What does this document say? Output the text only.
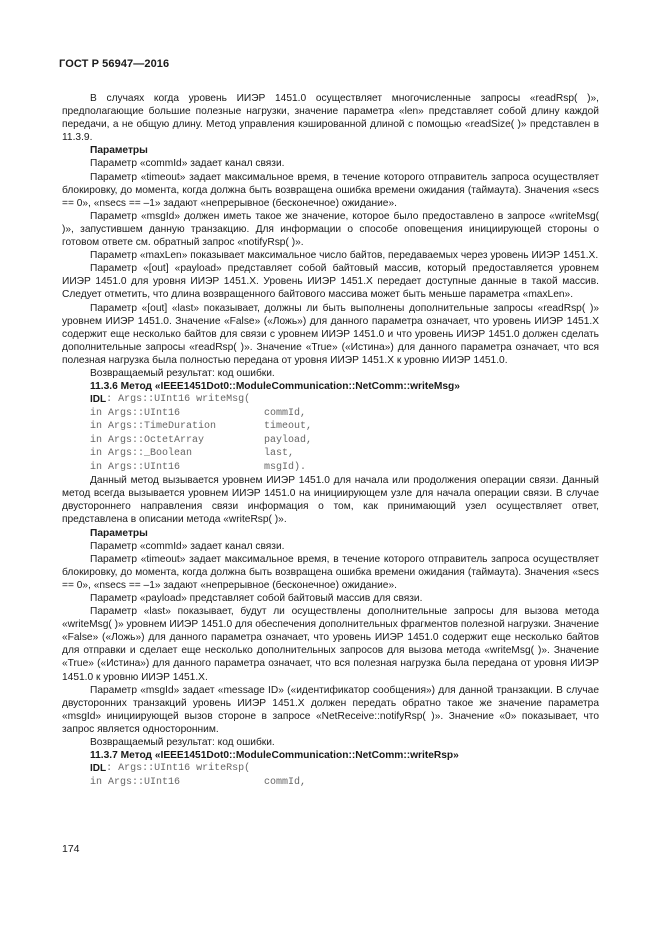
ГОСТ Р 56947—2016

В случаях когда уровень ИИЭР 1451.0 осуществляет многочисленные запросы «readRsp( )», предполагающие большие полезные нагрузки, значение параметра «len» представляет собой длину каждой передачи, а не общую длину. Метод управления кэшированной длиной с помощью «readSize( )» представлен в 11.3.9.

Параметры

Параметр «commId» задает канал связи.

Параметр «timeout» задает максимальное время, в течение которого отправитель запроса осуществляет блокировку, до момента, когда должна быть возвращена ошибка времени ожидания (таймаута). Значения «secs == 0», «nsecs == –1» задают «непрерывное (бесконечное) ожидание».

Параметр «msgId» должен иметь такое же значение, которое было предоставлено в запросе «writeMsg( )», запустившем данную транзакцию. Для информации о способе оповещения инициирующей стороны о готовом ответе см. обратный запрос «notifyRsp( )».

Параметр «maxLen» показывает максимальное число байтов, передаваемых через уровень ИИЭР 1451.X.

Параметр «[out] «payload» представляет собой байтовый массив, который предоставляется уровнем ИИЭР 1451.0 для уровня ИИЭР 1451.X. Уровень ИИЭР 1451.X передает доступные данные в такой массив. Следует отметить, что длина возвращенного байтового массива может быть меньше параметра «maxLen».

Параметр «[out] «last» показывает, должны ли быть выполнены дополнительные запросы «readRsp( )» уровнем ИИЭР 1451.0. Значение «False» («Ложь») для данного параметра означает, что уровень ИИЭР 1451.X содержит еще несколько байтов для связи с уровнем ИИЭР 1451.0 и что уровень ИИЭР 1451.0 должен сделать дополнительные запросы «readRsp( )». Значение «True» («Истина») для данного параметра означает, что вся полезная нагрузка была полностью передана от уровня ИИЭР 1451.X к уровню ИИЭР 1451.0.

Возвращаемый результат: код ошибки.

11.3.6 Метод «IEEE1451Dot0::ModuleCommunication::NetComm::writeMsg»

IDL : Args::UInt16 writeMsg(
in Args::UInt16	commId,
in Args::TimeDuration	timeout,
in Args::OctetArray	payload,
in Args::_Boolean	last,
in Args::UInt16	msgId).

Данный метод вызывается уровнем ИИЭР 1451.0 для начала или продолжения операции связи. Данный метод всегда вызывается уровнем ИИЭР 1451.0 на инициирующем узле для начала операции связи. В случае двустороннего направления связи информация о том, как принимающий узел осуществляет ответ, представлена в описании метода «writeRsp( )».

Параметры

Параметр «commId» задает канал связи.

Параметр «timeout» задает максимальное время, в течение которого отправитель запроса осуществляет блокировку, до момента, когда должна быть возвращена ошибка времени ожидания (таймаута). Значения «secs == 0», «nsecs == –1» задают «непрерывное (бесконечное) ожидание».

Параметр «payload» представляет собой байтовый массив для связи.

Параметр «last» показывает, будут ли осуществлены дополнительные запросы для вызова метода «writeMsg( )» уровнем ИИЭР 1451.0 для обеспечения дополнительных фрагментов полезной нагрузки. Значение «False» («Ложь») для данного параметра означает, что уровень ИИЭР 1451.0 содержит еще несколько байтов для отправки и сделает еще несколько дополнительных запросов для вызова метода «writeMsg( )». Значение «True» («Истина») для данного параметра означает, что вся полезная нагрузка была передана от уровня ИИЭР 1451.0 к уровню ИИЭР 1451.X.

Параметр «msgId» задает «message ID» («идентификатор сообщения») для данной транзакции. В случае двусторонних транзакций уровень ИИЭР 1451.X должен передать обратно такое же значение параметра «msgId» инициирующей вызов стороне в запросе «NetReceive::notifyRsp( )». Значение «0» показывает, что запрос является односторонним.

Возвращаемый результат: код ошибки.

11.3.7 Метод «IEEE1451Dot0::ModuleCommunication::NetComm::writeRsp»

IDL : Args::UInt16 writeRsp(
in Args::UInt16	commId,
174
